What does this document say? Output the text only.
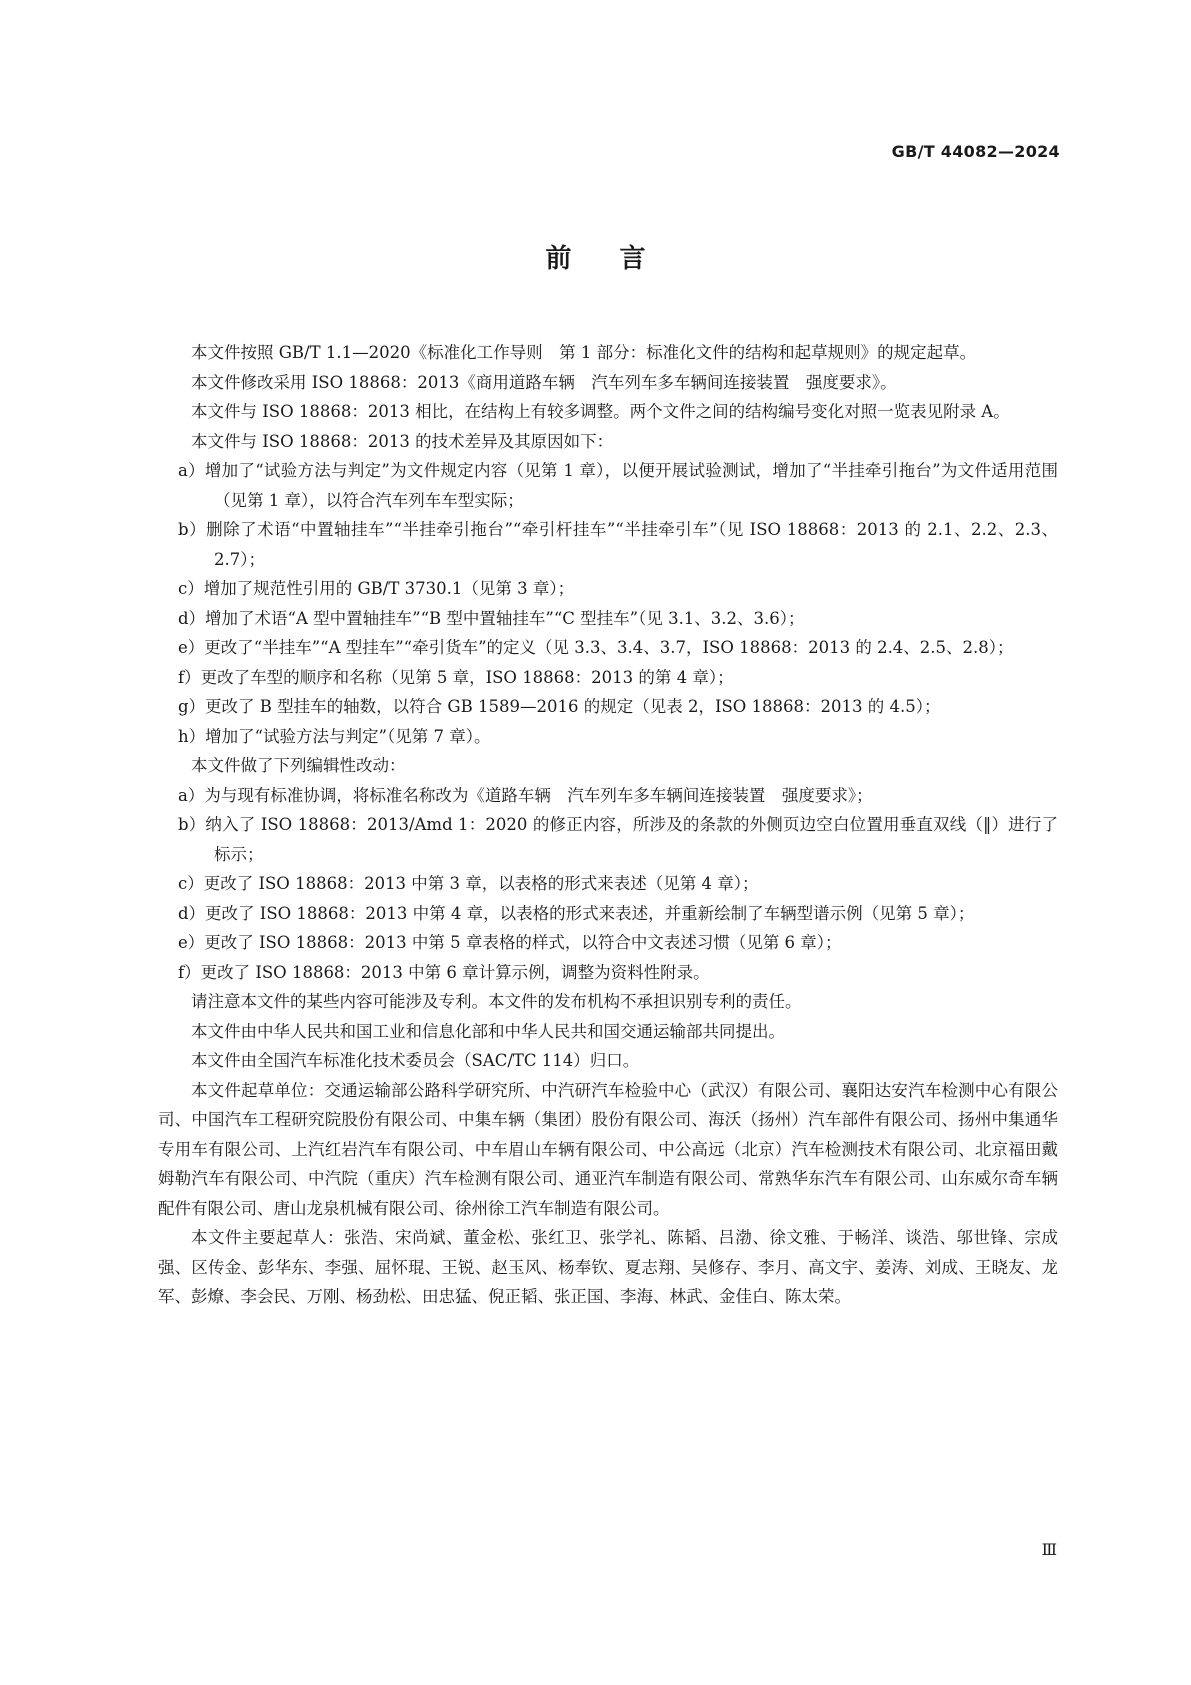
GB/T 44082—2024
前言

本文件按照 GB/T 1.1—2020《标准化工作导则　第 1 部分：标准化文件的结构和起草规则》的规定起草。

本文件修改采用 ISO 18868：2013《商用道路车辆　汽车列车多车辆间连接装置　强度要求》。

本文件与 ISO 18868：2013 相比，在结构上有较多调整。两个文件之间的结构编号变化对照一览表见附录 A。

本文件与 ISO 18868：2013 的技术差异及其原因如下：

a）增加了“试验方法与判定”为文件规定内容（见第 1 章），以便开展试验测试，增加了“半挂牵引拖台”为文件适用范围（见第 1 章），以符合汽车列车车型实际；

b）删除了术语“中置轴挂车”“半挂牵引拖台”“牵引杆挂车”“半挂牵引车”（见 ISO 18868：2013 的 2.1、2.2、2.3、2.7）；

c）增加了规范性引用的 GB/T 3730.1（见第 3 章）；

d）增加了术语“A 型中置轴挂车”“B 型中置轴挂车”“C 型挂车”（见 3.1、3.2、3.6）；

e）更改了“半挂车”“A 型挂车”“牵引货车”的定义（见 3.3、3.4、3.7，ISO 18868：2013 的 2.4、2.5、2.8）；

f）更改了车型的顺序和名称（见第 5 章，ISO 18868：2013 的第 4 章）；

g）更改了 B 型挂车的轴数，以符合 GB 1589—2016 的规定（见表 2，ISO 18868：2013 的 4.5）；

h）增加了“试验方法与判定”（见第 7 章）。

本文件做了下列编辑性改动：

a）为与现有标准协调，将标准名称改为《道路车辆　汽车列车多车辆间连接装置　强度要求》；

b）纳入了 ISO 18868：2013/Amd 1：2020 的修正内容，所涉及的条款的外侧页边空白位置用垂直双线（‖）进行了标示；

c）更改了 ISO 18868：2013 中第 3 章，以表格的形式来表述（见第 4 章）；

d）更改了 ISO 18868：2013 中第 4 章，以表格的形式来表述，并重新绘制了车辆型谱示例（见第 5 章）；

e）更改了 ISO 18868：2013 中第 5 章表格的样式，以符合中文表述习惯（见第 6 章）；

f）更改了 ISO 18868：2013 中第 6 章计算示例，调整为资料性附录。

请注意本文件的某些内容可能涉及专利。本文件的发布机构不承担识别专利的责任。

本文件由中华人民共和国工业和信息化部和中华人民共和国交通运输部共同提出。

本文件由全国汽车标准化技术委员会（SAC/TC 114）归口。

本文件起草单位：交通运输部公路科学研究所、中汽研汽车检验中心（武汉）有限公司、襄阳达安汽车检测中心有限公司、中国汽车工程研究院股份有限公司、中集车辆（集团）股份有限公司、海沃（扬州）汽车部件有限公司、扬州中集通华专用车有限公司、上汽红岩汽车有限公司、中车眉山车辆有限公司、中公高远（北京）汽车检测技术有限公司、北京福田戴姆勒汽车有限公司、中汽院（重庆）汽车检测有限公司、通亚汽车制造有限公司、常熟华东汽车有限公司、山东威尔奇车辆配件有限公司、唐山龙泉机械有限公司、徐州徐工汽车制造有限公司。

本文件主要起草人：张浩、宋尚斌、董金松、张红卫、张学礼、陈韬、吕渤、徐文雅、于畅洋、谈浩、邬世锋、宗成强、区传金、彭华东、李强、屈怀琨、王锐、赵玉风、杨奉钦、夏志翔、吴修存、李月、高文宇、姜涛、刘成、王晓友、龙军、彭燎、李会民、万刚、杨劲松、田忠猛、倪正韬、张正国、李海、林武、金佳白、陈太荣。

Ⅲ
